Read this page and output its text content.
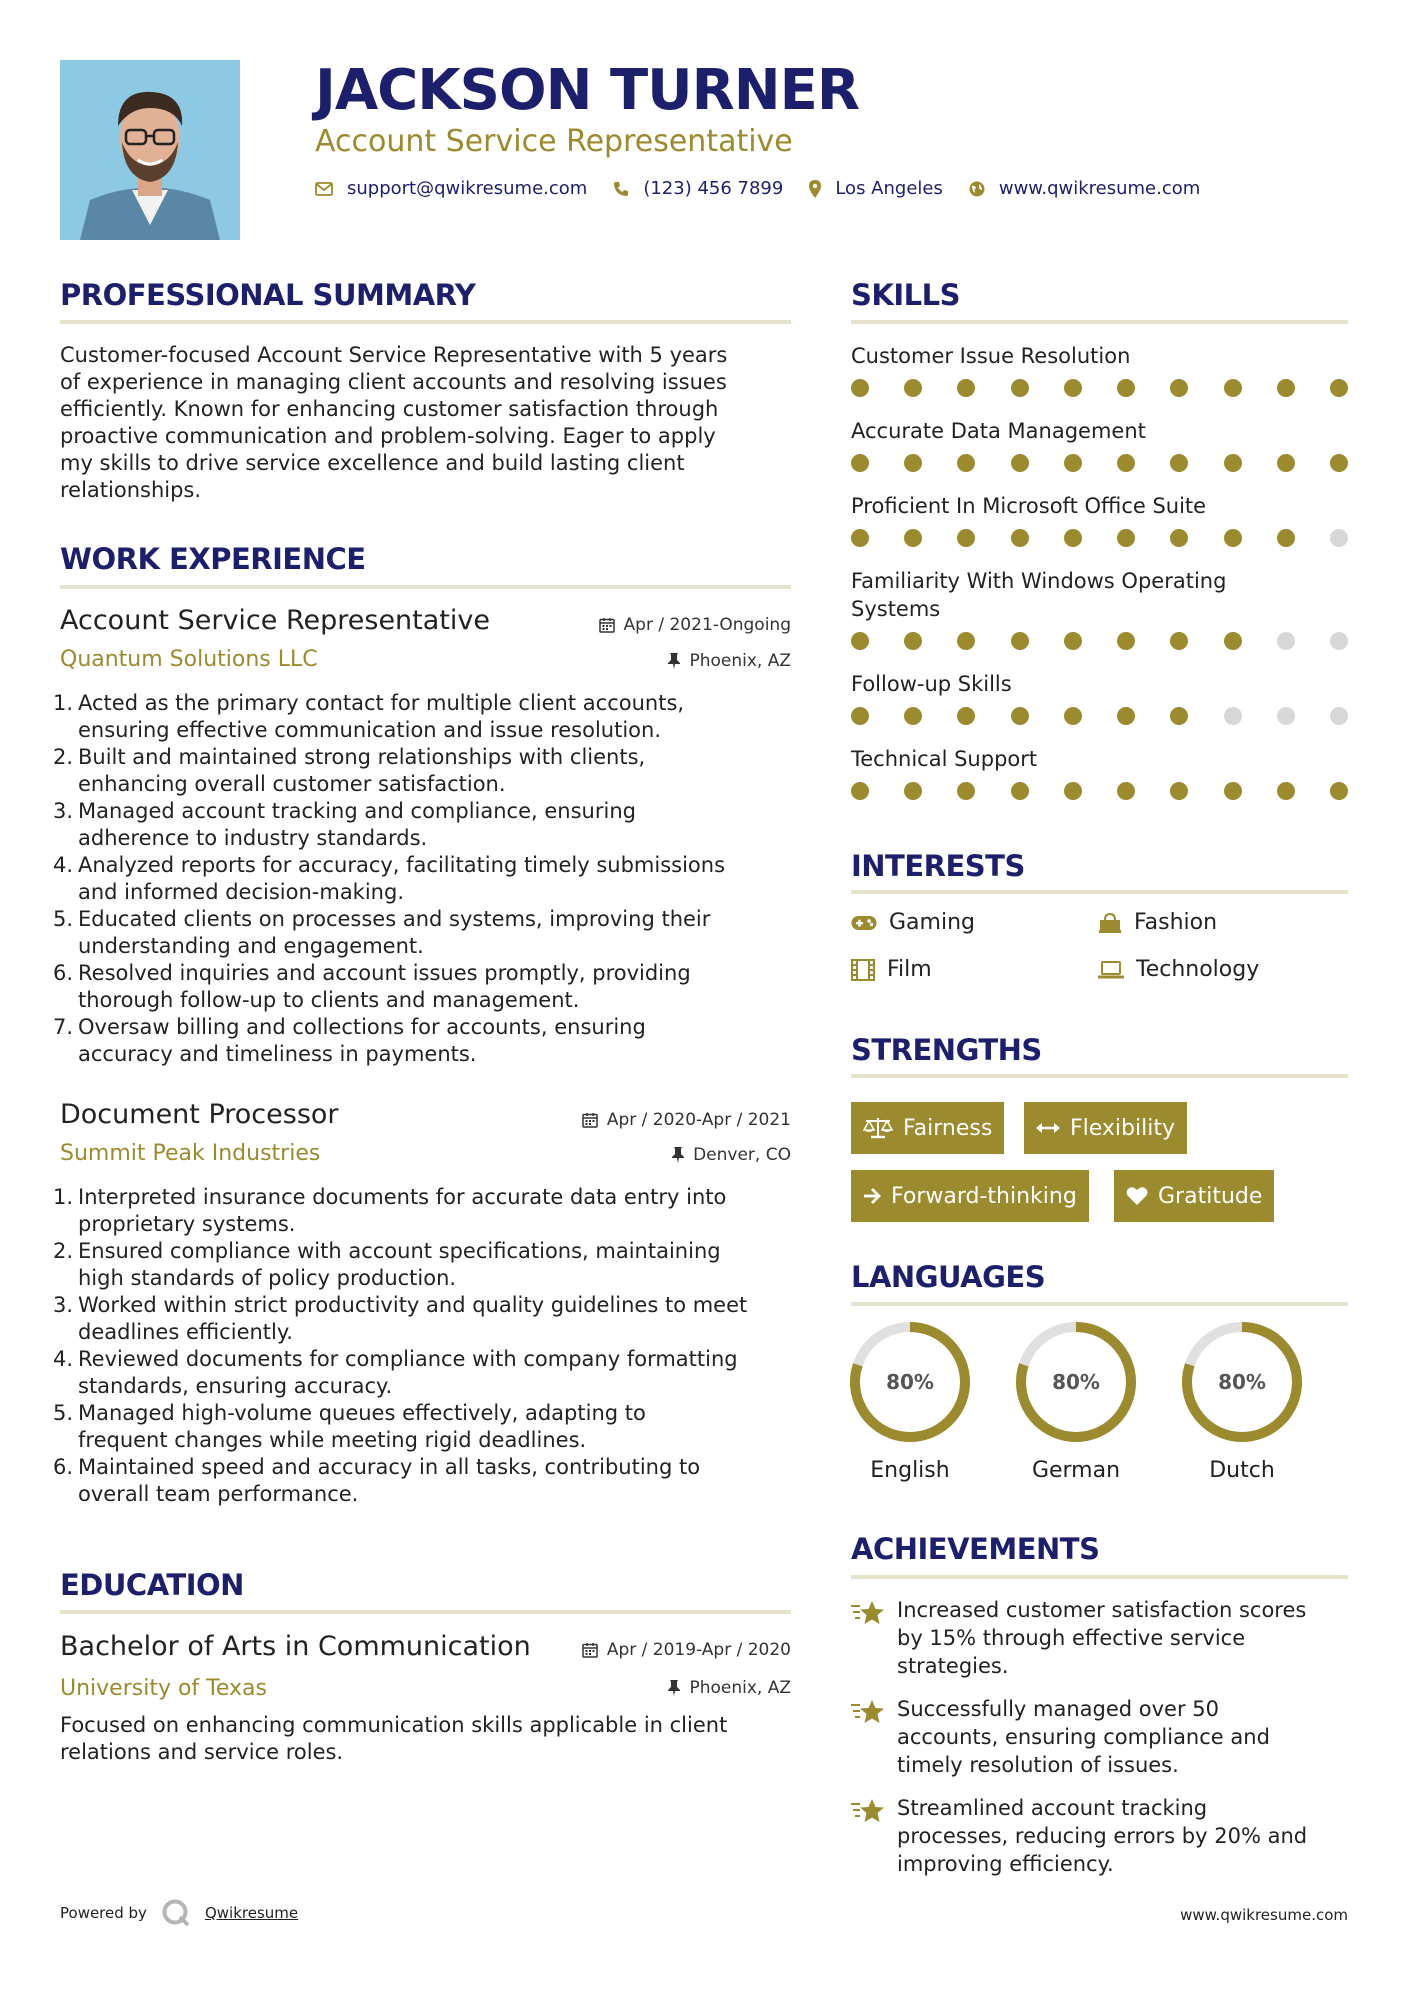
JACKSON TURNER
Account Service Representative
support@qwikresume.com	(123) 456 7899	Los Angeles	www.qwikresume.com
PROFESSIONAL SUMMARY
Customer-focused Account Service Representative with 5 years
of experience in managing client accounts and resolving issues
efficiently. Known for enhancing customer satisfaction through
proactive communication and problem-solving. Eager to apply
my skills to drive service excellence and build lasting client
relationships.
WORK EXPERIENCE
Account Service Representative	Apr / 2021-Ongoing
Quantum Solutions LLC	Phoenix, AZ
1. Acted as the primary contact for multiple client accounts,
ensuring effective communication and issue resolution.
2. Built and maintained strong relationships with clients,
enhancing overall customer satisfaction.
3. Managed account tracking and compliance, ensuring
adherence to industry standards.
4. Analyzed reports for accuracy, facilitating timely submissions
and informed decision-making.
5. Educated clients on processes and systems, improving their
understanding and engagement.
6. Resolved inquiries and account issues promptly, providing
thorough follow-up to clients and management.
7. Oversaw billing and collections for accounts, ensuring
accuracy and timeliness in payments.
Document Processor	Apr / 2020-Apr / 2021
Summit Peak Industries	Denver, CO
1. Interpreted insurance documents for accurate data entry into
proprietary systems.
2. Ensured compliance with account specifications, maintaining
high standards of policy production.
3. Worked within strict productivity and quality guidelines to meet
deadlines efficiently.
4. Reviewed documents for compliance with company formatting
standards, ensuring accuracy.
5. Managed high-volume queues effectively, adapting to
frequent changes while meeting rigid deadlines.
6. Maintained speed and accuracy in all tasks, contributing to
overall team performance.
EDUCATION
Bachelor of Arts in Communication	Apr / 2019-Apr / 2020
University of Texas	Phoenix, AZ
Focused on enhancing communication skills applicable in client
relations and service roles.
SKILLS
Customer Issue Resolution
Accurate Data Management
Proficient In Microsoft Office Suite
Familiarity With Windows Operating
Systems
Follow-up Skills
Technical Support
INTERESTS
Gaming	Fashion
Film	Technology
STRENGTHS
Fairness	Flexibility
Forward-thinking	Gratitude
LANGUAGES
80%
English
80%
German
80%
Dutch
ACHIEVEMENTS
Increased customer satisfaction scores
by 15% through effective service
strategies.
Successfully managed over 50
accounts, ensuring compliance and
timely resolution of issues.
Streamlined account tracking
processes, reducing errors by 20% and
improving efficiency.
Powered by	Qwikresume	www.qwikresume.com
